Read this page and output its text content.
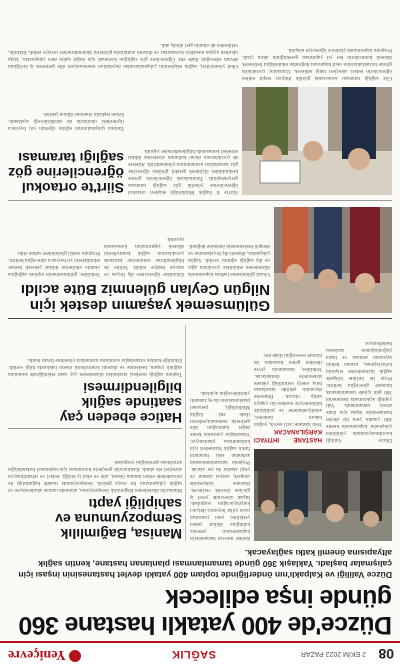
08
2 EKİM 2022 PAZAR
SAĞLIK
Yeniçevre
Düzce'de 400 yataklı hastane 360 günde inşa edilecek
Düzce Valiliği ve Kalpaklı'nın önderliğinde toplam 400 yataklı devlet hastanesinin inşası için çalışmalar başladı. Yaklaşık 360 günde tamamlanması planlanan hastane, kentin sağlık altyapısına önemli katkı sağlayacak.
Düzce Valiliği koordinasyonunda yürütülen çalışmalar kapsamında kentte 400 yataklı yeni bir devlet hastanesinin inşası için ihale süreci tamamlandı. Vali yaptığı açıklamada hastanenin 360 gün içinde tamamlanarak hizmete gireceğini belirtti. Proje ile birlikte bölgede sağlık hizmetlerine erişimin kolaylaşması, uzman hekim sayısının artması ve hasta yoğunluğunun azalması hedefleniyor.
HASTANE İHTİYACI KARŞILANACAK
Yeni hastane; acil servis, yoğun bakım üniteleri, ameliyathaneler ve poliklinik bölümleriyle modern bir yapıya sahip olacak. Depreme dayanıklı şekilde tasarlanan bina, enerji verimliliği yüksek sistemlerle donatılacak. Yetkililer, hastanenin çevre illerden gelen hastalara da hizmet vereceğini ifade etti.
Kentte mevcut hastanelerin kapasitesinin yetersiz kaldığına dikkat çeken yetkililer, yeni yatırımın uzun yıllar boyunca ihtiyacı karşılayacağını vurguladı. İnşaat sürecinde yerel iş gücüne öncelik verilecek. Hastane bahçesinde otopark, sosyal alanlar ve yeşil alanlar da yer alacak. Projenin tamamlanmasının ardından eski binaların farklı sağlık hizmetleri için kullanılması planlanıyor. Vatandaşlar yatırımın kente değer katacağını dile getirerek memnuniyetlerini ifade etti. Sağlık Müdürlüğü, personel planlamasının da eş zamanlı yürütüleceğini açıkladı.
Manisa, Bağımlılık Sempozyumuna ev sahipliği yaptı
Manisa'da düzenlenen Bağımlılık Sempozyumu, alanında uzman akademisyen ve sağlık çalışanlarını bir araya getirdi. Sempozyumda madde bağımlılığı ile mücadelede erken tanının önemi, aile ve okul iş birliği, tedavi ve rehabilitasyon süreçleri ele alındı. Katılımcılar gençlerin korunması için toplumsal farkındalığın artırılması gerektiğini vurguladı.
Hatice ebeden çay saatinde sağlık bilgilendirmesi
Toplum sağlığı merkezi tarafından düzenlenen çay saati etkinliğinde kadınlara sağlıklı yaşam, beslenme ve düzenli kontrollerin önemi hakkında bilgi verildi. Etkinliğe katılan vatandaşlar sorularını uzmanlara yöneltme fırsatı buldu.
Gülümsemek yaşamın destek için Nilgün Ceylan gülenmiz Büte acıldı
Ulusal gülümseme haftası kapsamında düzenlenen etkinlikte çocuklara ağız ve diş sağlığı eğitimi verildi. Sağlık çalışanları, düzenli diş fırçalamanın ve dengeli beslenmenin önemine değindi.
Etkinlikte öğrencilere diş fırçası ve macun hediye edildi. Veliler de bilgilendirme seminerine katılarak çocuklarının sağlık kontrollerini düzenli yaptırmaları konusunda uyarıldı.
Yetkililer, gülümsemenin toplum sağlığına olumlu etkilerine dikkat çekerek benzer etkinliklerin yıl boyunca süreceğini belirtti. Program renkli görüntülere sahne oldu.
Siirt'te İl Sağlık Müdürlüğü ekipleri ortaokul öğrencilerine yönelik göz sağlığı taraması gerçekleştirdi. Taramalarda öğrencilerin görme keskinlikleri ölçülerek gerekli görülen öğrenciler göz hastalıkları uzmanlarına yönlendirildi. Ailelere de çocuklarının ekran kullanım sürelerine dikkat etmeleri konusunda bilgilendirmeler yapıldı.
Siirt'te ortaokul öğrencilerine göz sağlığı taraması
Tarama çalışmalarının eğitim öğretim yılı boyunca ilçelerdeki okullarda da sürdürüleceği açıklandı. Erken teşhisin önemine dikkat çekildi.
Göz sağlığı taraması sonucunda gözlük ihtiyacı tespit edilen öğrencilerin tedavi süreçleri takip edilecek. Uzmanlar, çocuklarda görme bozukluklarının okul başarısını doğrudan etkilediğini belirterek düzenli kontrollerin her yıl yapılması gerektiğinin altını çizdi. Program kapsamında yüzlerce öğrenciye ulaşıldı.
Okul yöneticileri, sağlık ekiplerinin çalışmalarından duydukları memnuniyeti dile getirerek iş birliğinin devam edeceğini ifade etti. Öğrencilere göz sağlığını korumak için doğal ışıkta ders çalışmaları, kitap okurken uygun mesafeyi korumaları ve düzenli aralıklarla gözlerini dinlendirmeleri tavsiye edildi. Etkinlik, velilerden de olumlu geri dönüş aldı.
